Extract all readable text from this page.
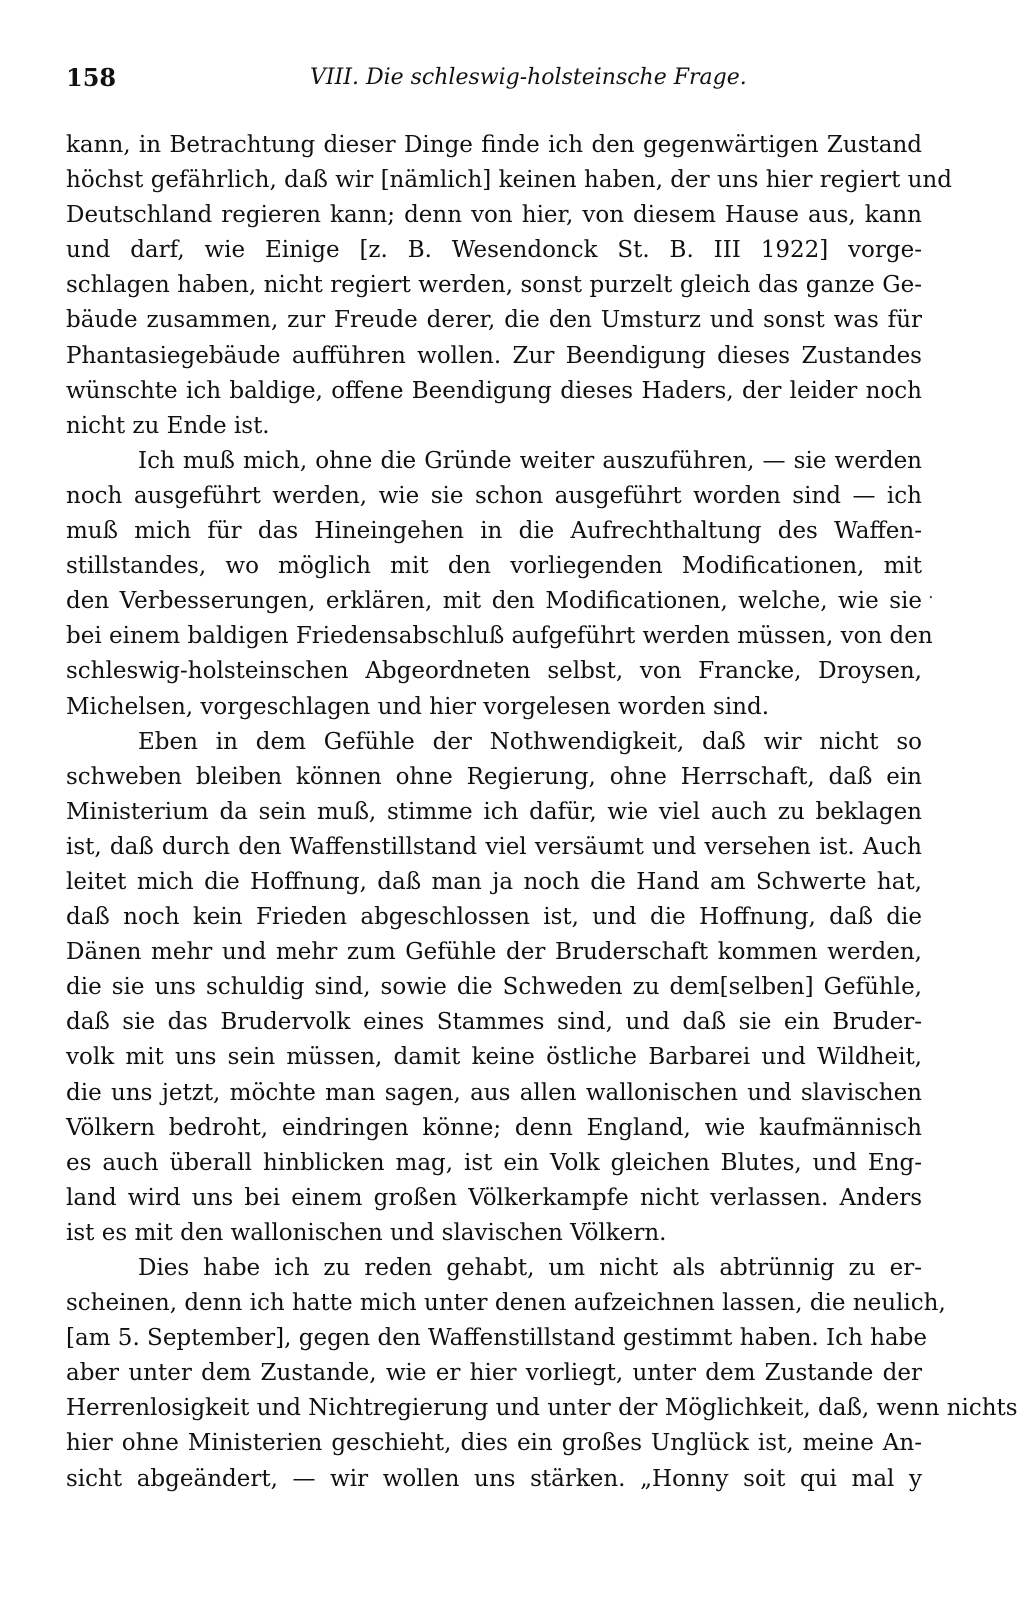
158	VIII. Die schleswig-holsteinsche Frage.
kann, in Betrachtung dieser Dinge finde ich den gegenwärtigen Zustand
höchst gefährlich, daß wir [nämlich] keinen haben, der uns hier regiert und
Deutschland regieren kann; denn von hier, von diesem Hause aus, kann
und darf, wie Einige [z. B. Wesendonck St. B. III 1922] vorge-
schlagen haben, nicht regiert werden, sonst purzelt gleich das ganze Ge-
bäude zusammen, zur Freude derer, die den Umsturz und sonst was für
Phantasiegebäude aufführen wollen. Zur Beendigung dieses Zustandes
wünschte ich baldige, offene Beendigung dieses Haders, der leider noch
nicht zu Ende ist.
Ich muß mich, ohne die Gründe weiter auszuführen, — sie werden
noch ausgeführt werden, wie sie schon ausgeführt worden sind — ich
muß mich für das Hineingehen in die Aufrechthaltung des Waffen-
stillstandes, wo möglich mit den vorliegenden Modificationen, mit
den Verbesserungen, erklären, mit den Modificationen, welche, wie sie
bei einem baldigen Friedensabschluß aufgeführt werden müssen, von den
schleswig-holsteinschen Abgeordneten selbst, von Francke, Droysen,
Michelsen, vorgeschlagen und hier vorgelesen worden sind.
Eben in dem Gefühle der Nothwendigkeit, daß wir nicht so
schweben bleiben können ohne Regierung, ohne Herrschaft, daß ein
Ministerium da sein muß, stimme ich dafür, wie viel auch zu beklagen
ist, daß durch den Waffenstillstand viel versäumt und versehen ist. Auch
leitet mich die Hoffnung, daß man ja noch die Hand am Schwerte hat,
daß noch kein Frieden abgeschlossen ist, und die Hoffnung, daß die
Dänen mehr und mehr zum Gefühle der Bruderschaft kommen werden,
die sie uns schuldig sind, sowie die Schweden zu dem[selben] Gefühle,
daß sie das Brudervolk eines Stammes sind, und daß sie ein Bruder-
volk mit uns sein müssen, damit keine östliche Barbarei und Wildheit,
die uns jetzt, möchte man sagen, aus allen wallonischen und slavischen
Völkern bedroht, eindringen könne; denn England, wie kaufmännisch
es auch überall hinblicken mag, ist ein Volk gleichen Blutes, und Eng-
land wird uns bei einem großen Völkerkampfe nicht verlassen. Anders
ist es mit den wallonischen und slavischen Völkern.
Dies habe ich zu reden gehabt, um nicht als abtrünnig zu er-
scheinen, denn ich hatte mich unter denen aufzeichnen lassen, die neulich,
[am 5. September], gegen den Waffenstillstand gestimmt haben. Ich habe
aber unter dem Zustande, wie er hier vorliegt, unter dem Zustande der
Herrenlosigkeit und Nichtregierung und unter der Möglichkeit, daß, wenn nichts
hier ohne Ministerien geschieht, dies ein großes Unglück ist, meine An-
sicht abgeändert, — wir wollen uns stärken. „Honny soit qui mal y
.
